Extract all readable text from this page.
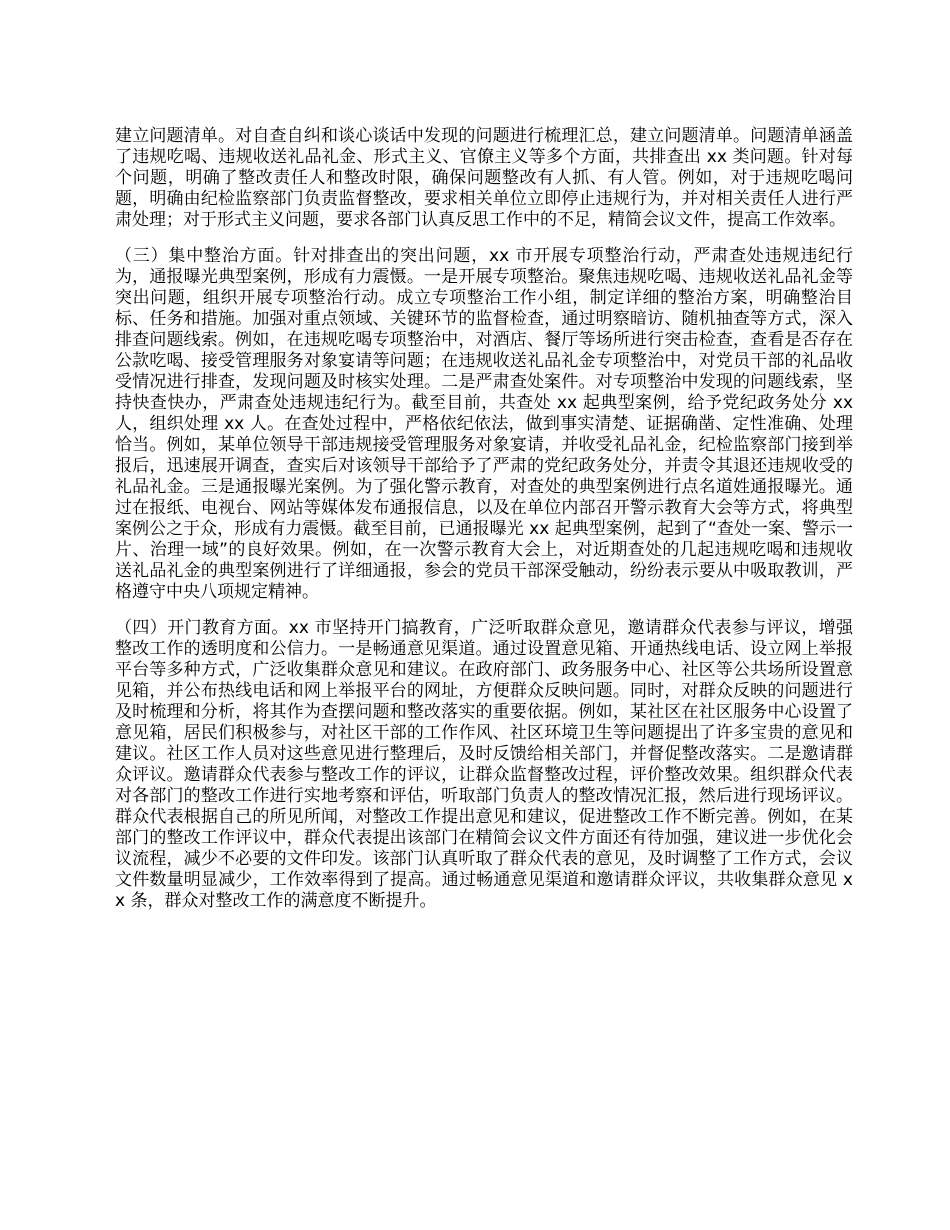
建立问题清单。对自查自纠和谈心谈话中发现的问题进行梳理汇总，建立问题清单。问题清单涵盖了违规吃喝、违规收送礼品礼金、形式主义、官僚主义等多个方面，共排查出 xx 类问题。针对每个问题，明确了整改责任人和整改时限，确保问题整改有人抓、有人管。例如，对于违规吃喝问题，明确由纪检监察部门负责监督整改，要求相关单位立即停止违规行为，并对相关责任人进行严肃处理；对于形式主义问题，要求各部门认真反思工作中的不足，精简会议文件，提高工作效率。

（三）集中整治方面。针对排查出的突出问题，xx 市开展专项整治行动，严肃查处违规违纪行为，通报曝光典型案例，形成有力震慑。一是开展专项整治。聚焦违规吃喝、违规收送礼品礼金等突出问题，组织开展专项整治行动。成立专项整治工作小组，制定详细的整治方案，明确整治目标、任务和措施。加强对重点领域、关键环节的监督检查，通过明察暗访、随机抽查等方式，深入排查问题线索。例如，在违规吃喝专项整治中，对酒店、餐厅等场所进行突击检查，查看是否存在公款吃喝、接受管理服务对象宴请等问题；在违规收送礼品礼金专项整治中，对党员干部的礼品收受情况进行排查，发现问题及时核实处理。二是严肃查处案件。对专项整治中发现的问题线索，坚持快查快办，严肃查处违规违纪行为。截至目前，共查处 xx 起典型案例，给予党纪政务处分 xx 人，组织处理 xx 人。在查处过程中，严格依纪依法，做到事实清楚、证据确凿、定性准确、处理恰当。例如，某单位领导干部违规接受管理服务对象宴请，并收受礼品礼金，纪检监察部门接到举报后，迅速展开调查，查实后对该领导干部给予了严肃的党纪政务处分，并责令其退还违规收受的礼品礼金。三是通报曝光案例。为了强化警示教育，对查处的典型案例进行点名道姓通报曝光。通过在报纸、电视台、网站等媒体发布通报信息，以及在单位内部召开警示教育大会等方式，将典型案例公之于众，形成有力震慑。截至目前，已通报曝光 xx 起典型案例，起到了“查处一案、警示一片、治理一域”的良好效果。例如，在一次警示教育大会上，对近期查处的几起违规吃喝和违规收送礼品礼金的典型案例进行了详细通报，参会的党员干部深受触动，纷纷表示要从中吸取教训，严格遵守中央八项规定精神。

（四）开门教育方面。xx 市坚持开门搞教育，广泛听取群众意见，邀请群众代表参与评议，增强整改工作的透明度和公信力。一是畅通意见渠道。通过设置意见箱、开通热线电话、设立网上举报平台等多种方式，广泛收集群众意见和建议。在政府部门、政务服务中心、社区等公共场所设置意见箱，并公布热线电话和网上举报平台的网址，方便群众反映问题。同时，对群众反映的问题进行及时梳理和分析，将其作为查摆问题和整改落实的重要依据。例如，某社区在社区服务中心设置了意见箱，居民们积极参与，对社区干部的工作作风、社区环境卫生等问题提出了许多宝贵的意见和建议。社区工作人员对这些意见进行整理后，及时反馈给相关部门，并督促整改落实。二是邀请群众评议。邀请群众代表参与整改工作的评议，让群众监督整改过程，评价整改效果。组织群众代表对各部门的整改工作进行实地考察和评估，听取部门负责人的整改情况汇报，然后进行现场评议。群众代表根据自己的所见所闻，对整改工作提出意见和建议，促进整改工作不断完善。例如，在某部门的整改工作评议中，群众代表提出该部门在精简会议文件方面还有待加强，建议进一步优化会议流程，减少不必要的文件印发。该部门认真听取了群众代表的意见，及时调整了工作方式，会议文件数量明显减少，工作效率得到了提高。通过畅通意见渠道和邀请群众评议，共收集群众意见 xx 条，群众对整改工作的满意度不断提升。
